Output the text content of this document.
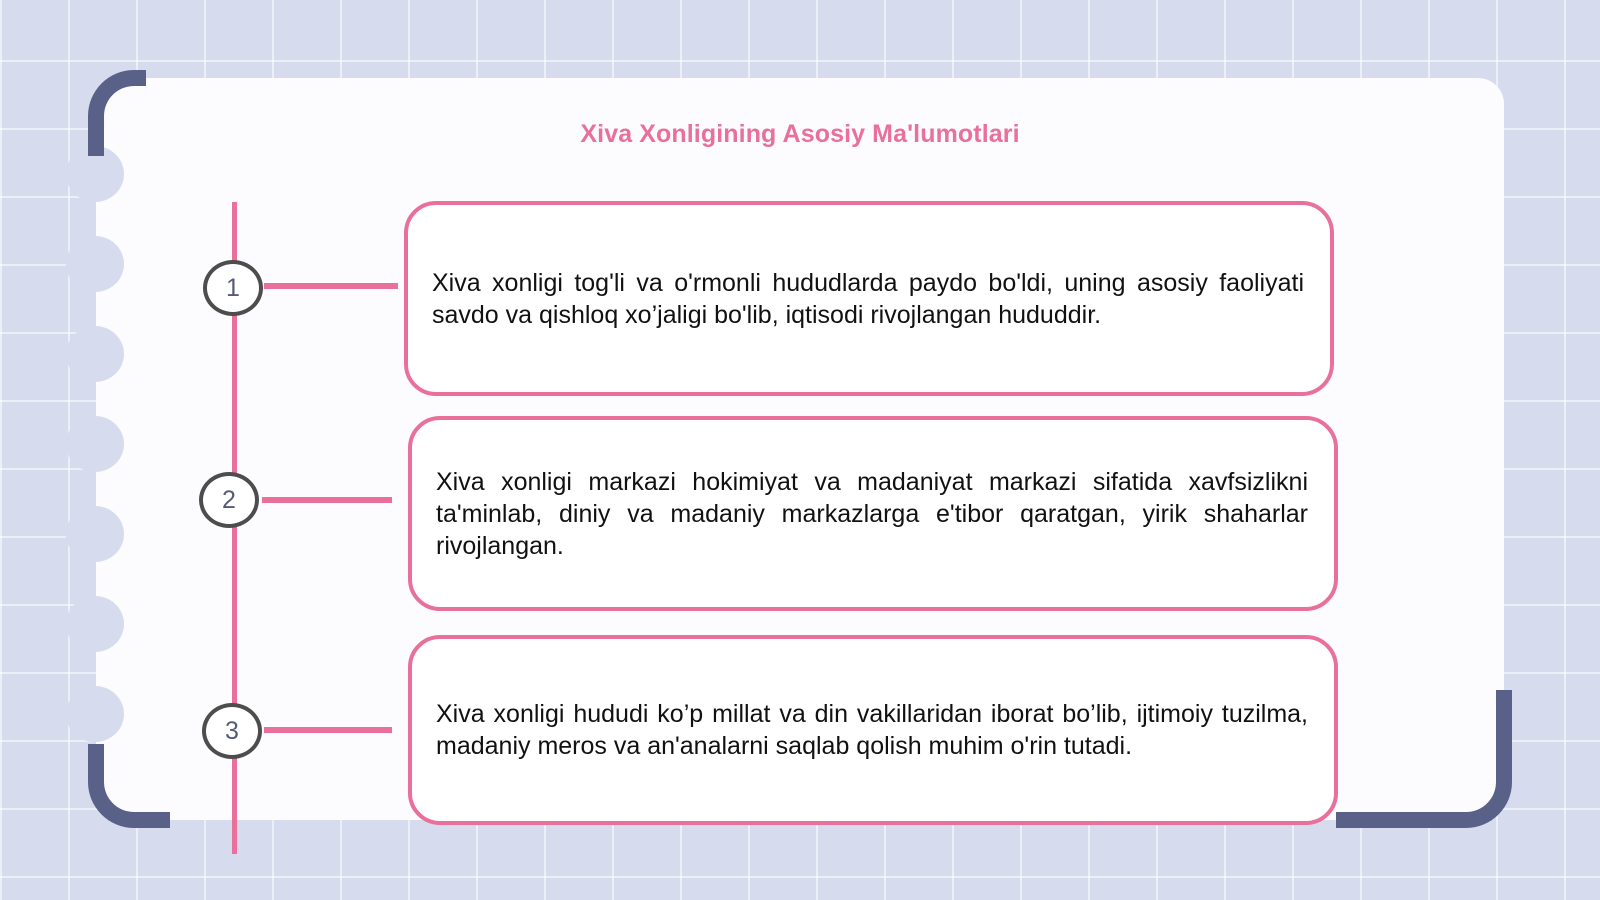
Xiva Xonligining Asosiy Ma'lumotlari
1
2
3
Xiva xonligi tog'li va o'rmonli hududlarda paydo bo'ldi, uning asosiy faoliyati savdo va qishloq xo’jaligi bo'lib, iqtisodi rivojlangan hududdir.
Xiva xonligi markazi hokimiyat va madaniyat markazi sifatida xavfsizlikni ta'minlab, diniy va madaniy markazlarga e'tibor qaratgan, yirik shaharlar rivojlangan.
Xiva xonligi hududi ko’p millat va din vakillaridan iborat bo’lib, ijtimoiy tuzilma, madaniy meros va an'analarni saqlab qolish muhim o'rin tutadi.
